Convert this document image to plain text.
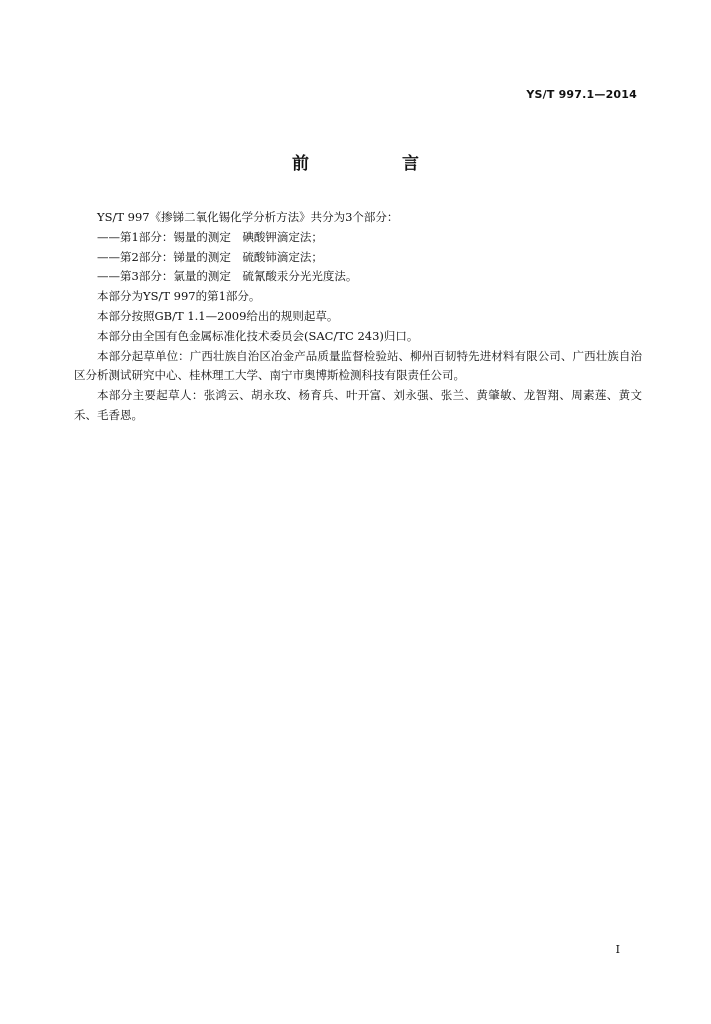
YS/T 997.1—2014
前　言

YS/T 997《掺锑二氧化锡化学分析方法》共分为3个部分：

——第1部分：锡量的测定　碘酸钾滴定法；

——第2部分：锑量的测定　硫酸铈滴定法；

——第3部分：氯量的测定　硫氰酸汞分光光度法。

本部分为YS/T 997的第1部分。

本部分按照GB/T 1.1—2009给出的规则起草。

本部分由全国有色金属标准化技术委员会(SAC/TC 243)归口。

本部分起草单位：广西壮族自治区冶金产品质量监督检验站、柳州百韧特先进材料有限公司、广西壮族自治区分析测试研究中心、桂林理工大学、南宁市奥博斯检测科技有限责任公司。

本部分主要起草人：张鸿云、胡永玫、杨育兵、叶开富、刘永强、张兰、黄肇敏、龙智翔、周素莲、黄文禾、毛香恩。

I
